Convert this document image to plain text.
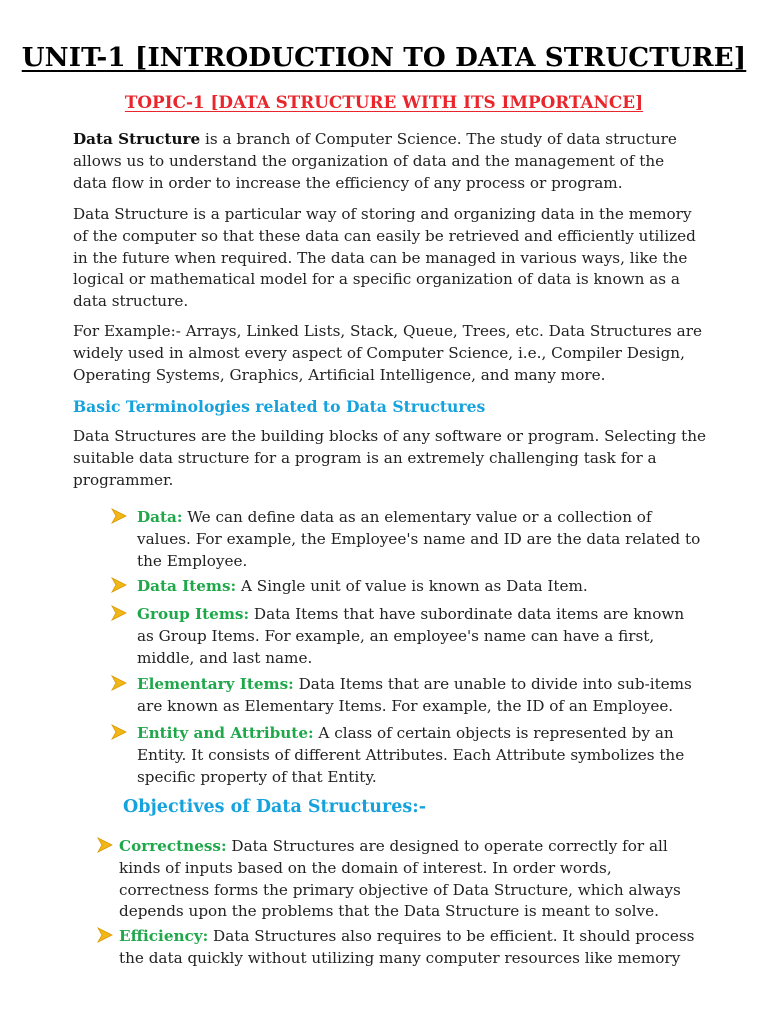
UNIT-1 [INTRODUCTION TO DATA STRUCTURE]
TOPIC-1 [DATA STRUCTURE WITH ITS IMPORTANCE]
Data Structure is a branch of Computer Science. The study of data structure
allows us to understand the organization of data and the management of the
data flow in order to increase the efficiency of any process or program.
Data Structure is a particular way of storing and organizing data in the memory
of the computer so that these data can easily be retrieved and efficiently utilized
in the future when required. The data can be managed in various ways, like the
logical or mathematical model for a specific organization of data is known as a
data structure.
For Example:- Arrays, Linked Lists, Stack, Queue, Trees, etc. Data Structures are
widely used in almost every aspect of Computer Science, i.e., Compiler Design,
Operating Systems, Graphics, Artificial Intelligence, and many more.
Basic Terminologies related to Data Structures
Data Structures are the building blocks of any software or program. Selecting the
suitable data structure for a program is an extremely challenging task for a
programmer.
Data: We can define data as an elementary value or a collection of
values. For example, the Employee's name and ID are the data related to
the Employee.
Data Items: A Single unit of value is known as Data Item.
Group Items: Data Items that have subordinate data items are known
as Group Items. For example, an employee's name can have a first,
middle, and last name.
Elementary Items: Data Items that are unable to divide into sub-items
are known as Elementary Items. For example, the ID of an Employee.
Entity and Attribute: A class of certain objects is represented by an
Entity. It consists of different Attributes. Each Attribute symbolizes the
specific property of that Entity.
Objectives of Data Structures:-
Correctness: Data Structures are designed to operate correctly for all
kinds of inputs based on the domain of interest. In order words,
correctness forms the primary objective of Data Structure, which always
depends upon the problems that the Data Structure is meant to solve.
Efficiency: Data Structures also requires to be efficient. It should process
the data quickly without utilizing many computer resources like memory
